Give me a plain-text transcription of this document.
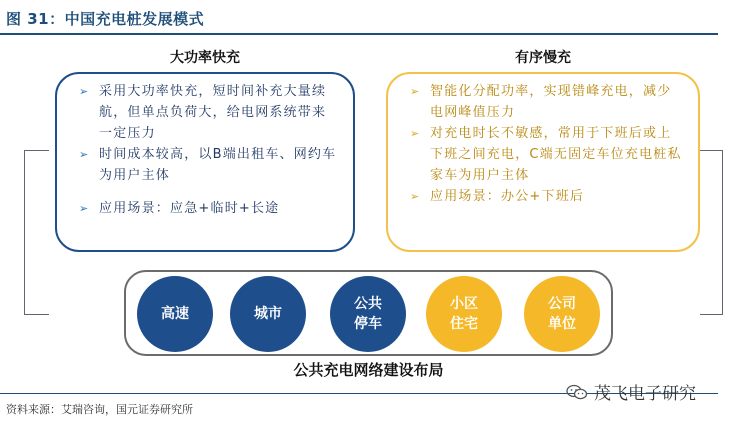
图 31：中国充电桩发展模式
大功率快充
➢ 采用大功率快充，短时间补充大量续航，但单点负荷大，给电网系统带来一定压力
➢ 时间成本较高，以B端出租车、网约车为用户主体
➢ 应用场景：应急+临时+长途
有序慢充
➢ 智能化分配功率，实现错峰充电，减少电网峰值压力
➢ 对充电时长不敏感，常用于下班后或上下班之间充电，C端无固定车位充电桩私家车为用户主体
➢ 应用场景：办公+下班后
高速	城市
公共
停车
小区
住宅
公司
单位
公共充电网络建设布局
资料来源：艾瑞咨询，国元证券研究所
茂飞电子研究
